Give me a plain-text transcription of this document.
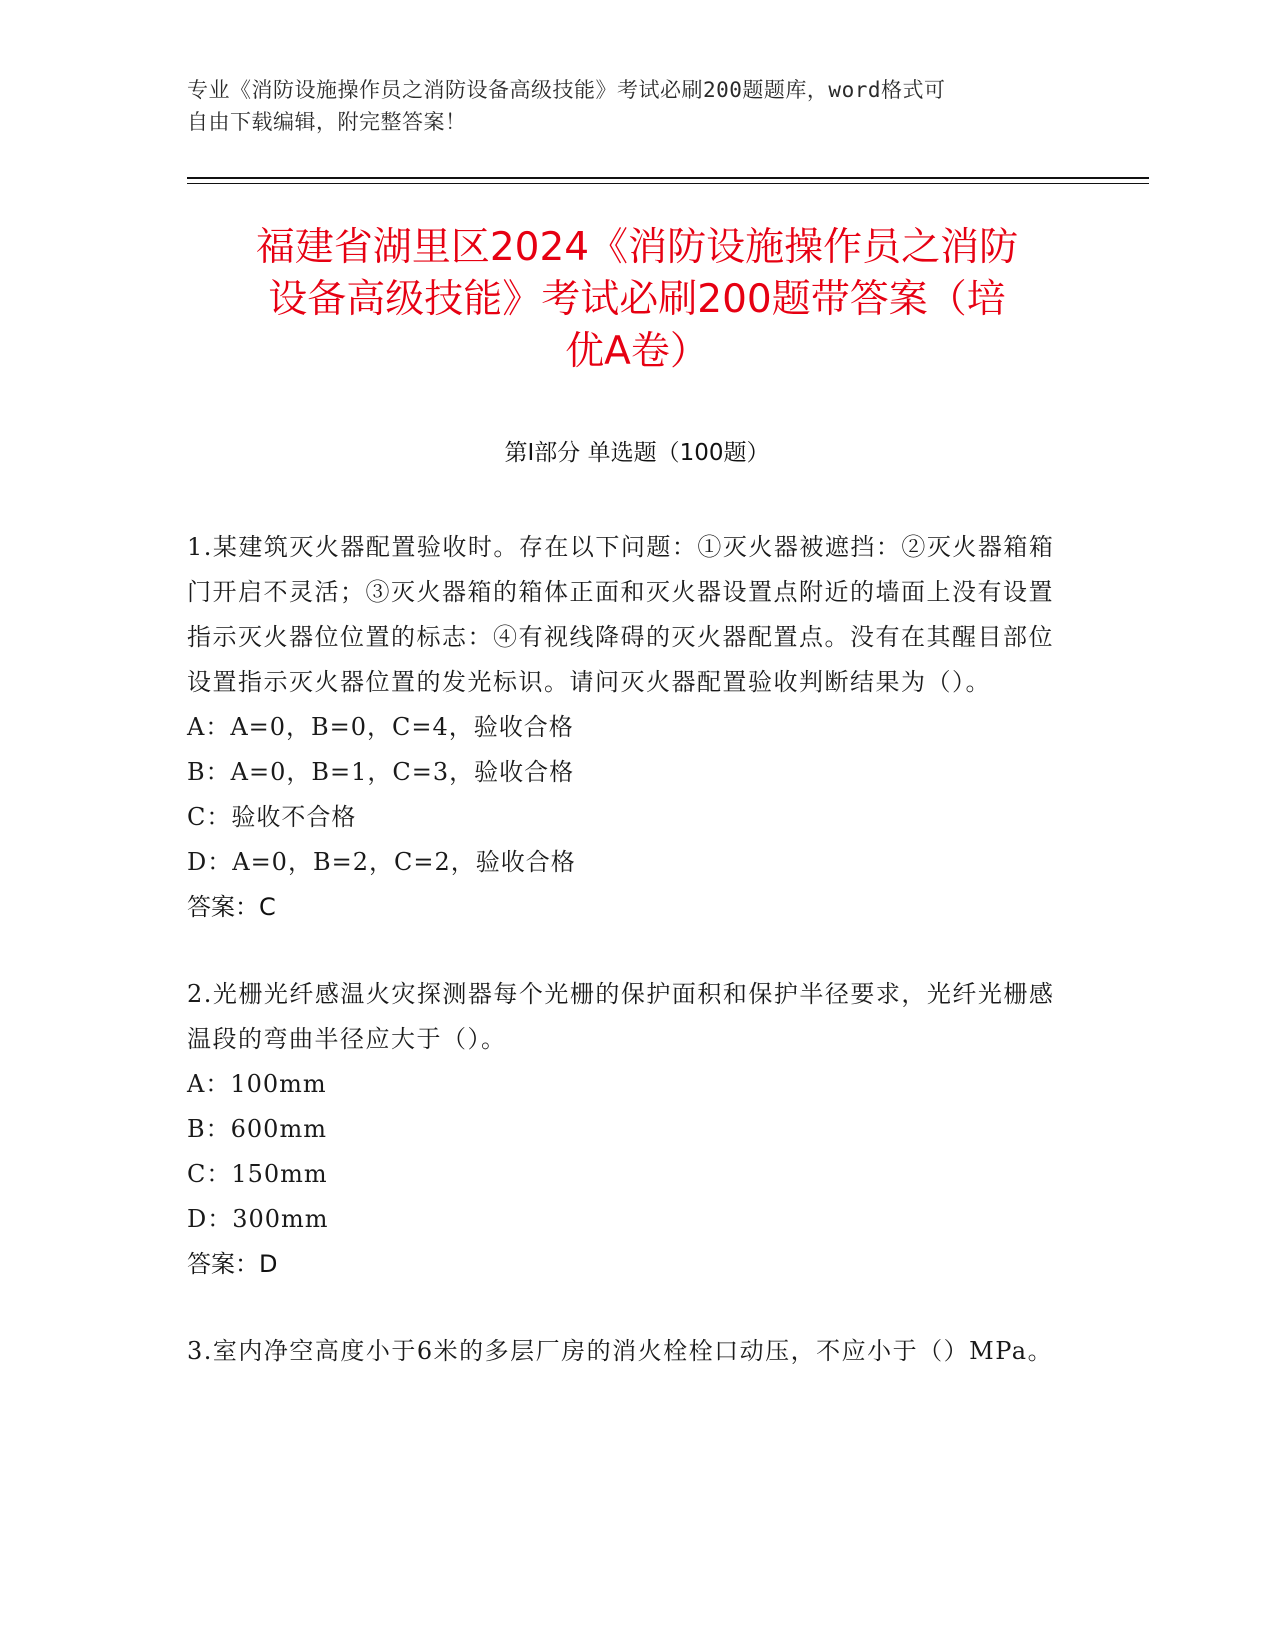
专业《消防设施操作员之消防设备高级技能》考试必刷200题题库，word格式可
自由下载编辑，附完整答案！
福建省湖里区2024《消防设施操作员之消防
设备高级技能》考试必刷200题带答案（培
优A卷）
第I部分 单选题（100题）

1.某建筑灭火器配置验收时。存在以下问题：①灭火器被遮挡：②灭火器箱箱门开启不灵活；③灭火器箱的箱体正面和灭火器设置点附近的墙面上没有设置指示灭火器位位置的标志：④有视线降碍的灭火器配置点。没有在其醒目部位设置指示灭火器位置的发光标识。请问灭火器配置验收判断结果为（）。

A：A=0，B=0，C=4，验收合格

B：A=0，B=1，C=3，验收合格

C：验收不合格

D：A=0，B=2，C=2，验收合格

答案：C

2.光栅光纤感温火灾探测器每个光栅的保护面积和保护半径要求，光纤光栅感温段的弯曲半径应大于（）。

A：100mm

B：600mm

C：150mm

D：300mm

答案：D

3.室内净空高度小于6米的多层厂房的消火栓栓口动压，不应小于（）MPa。
